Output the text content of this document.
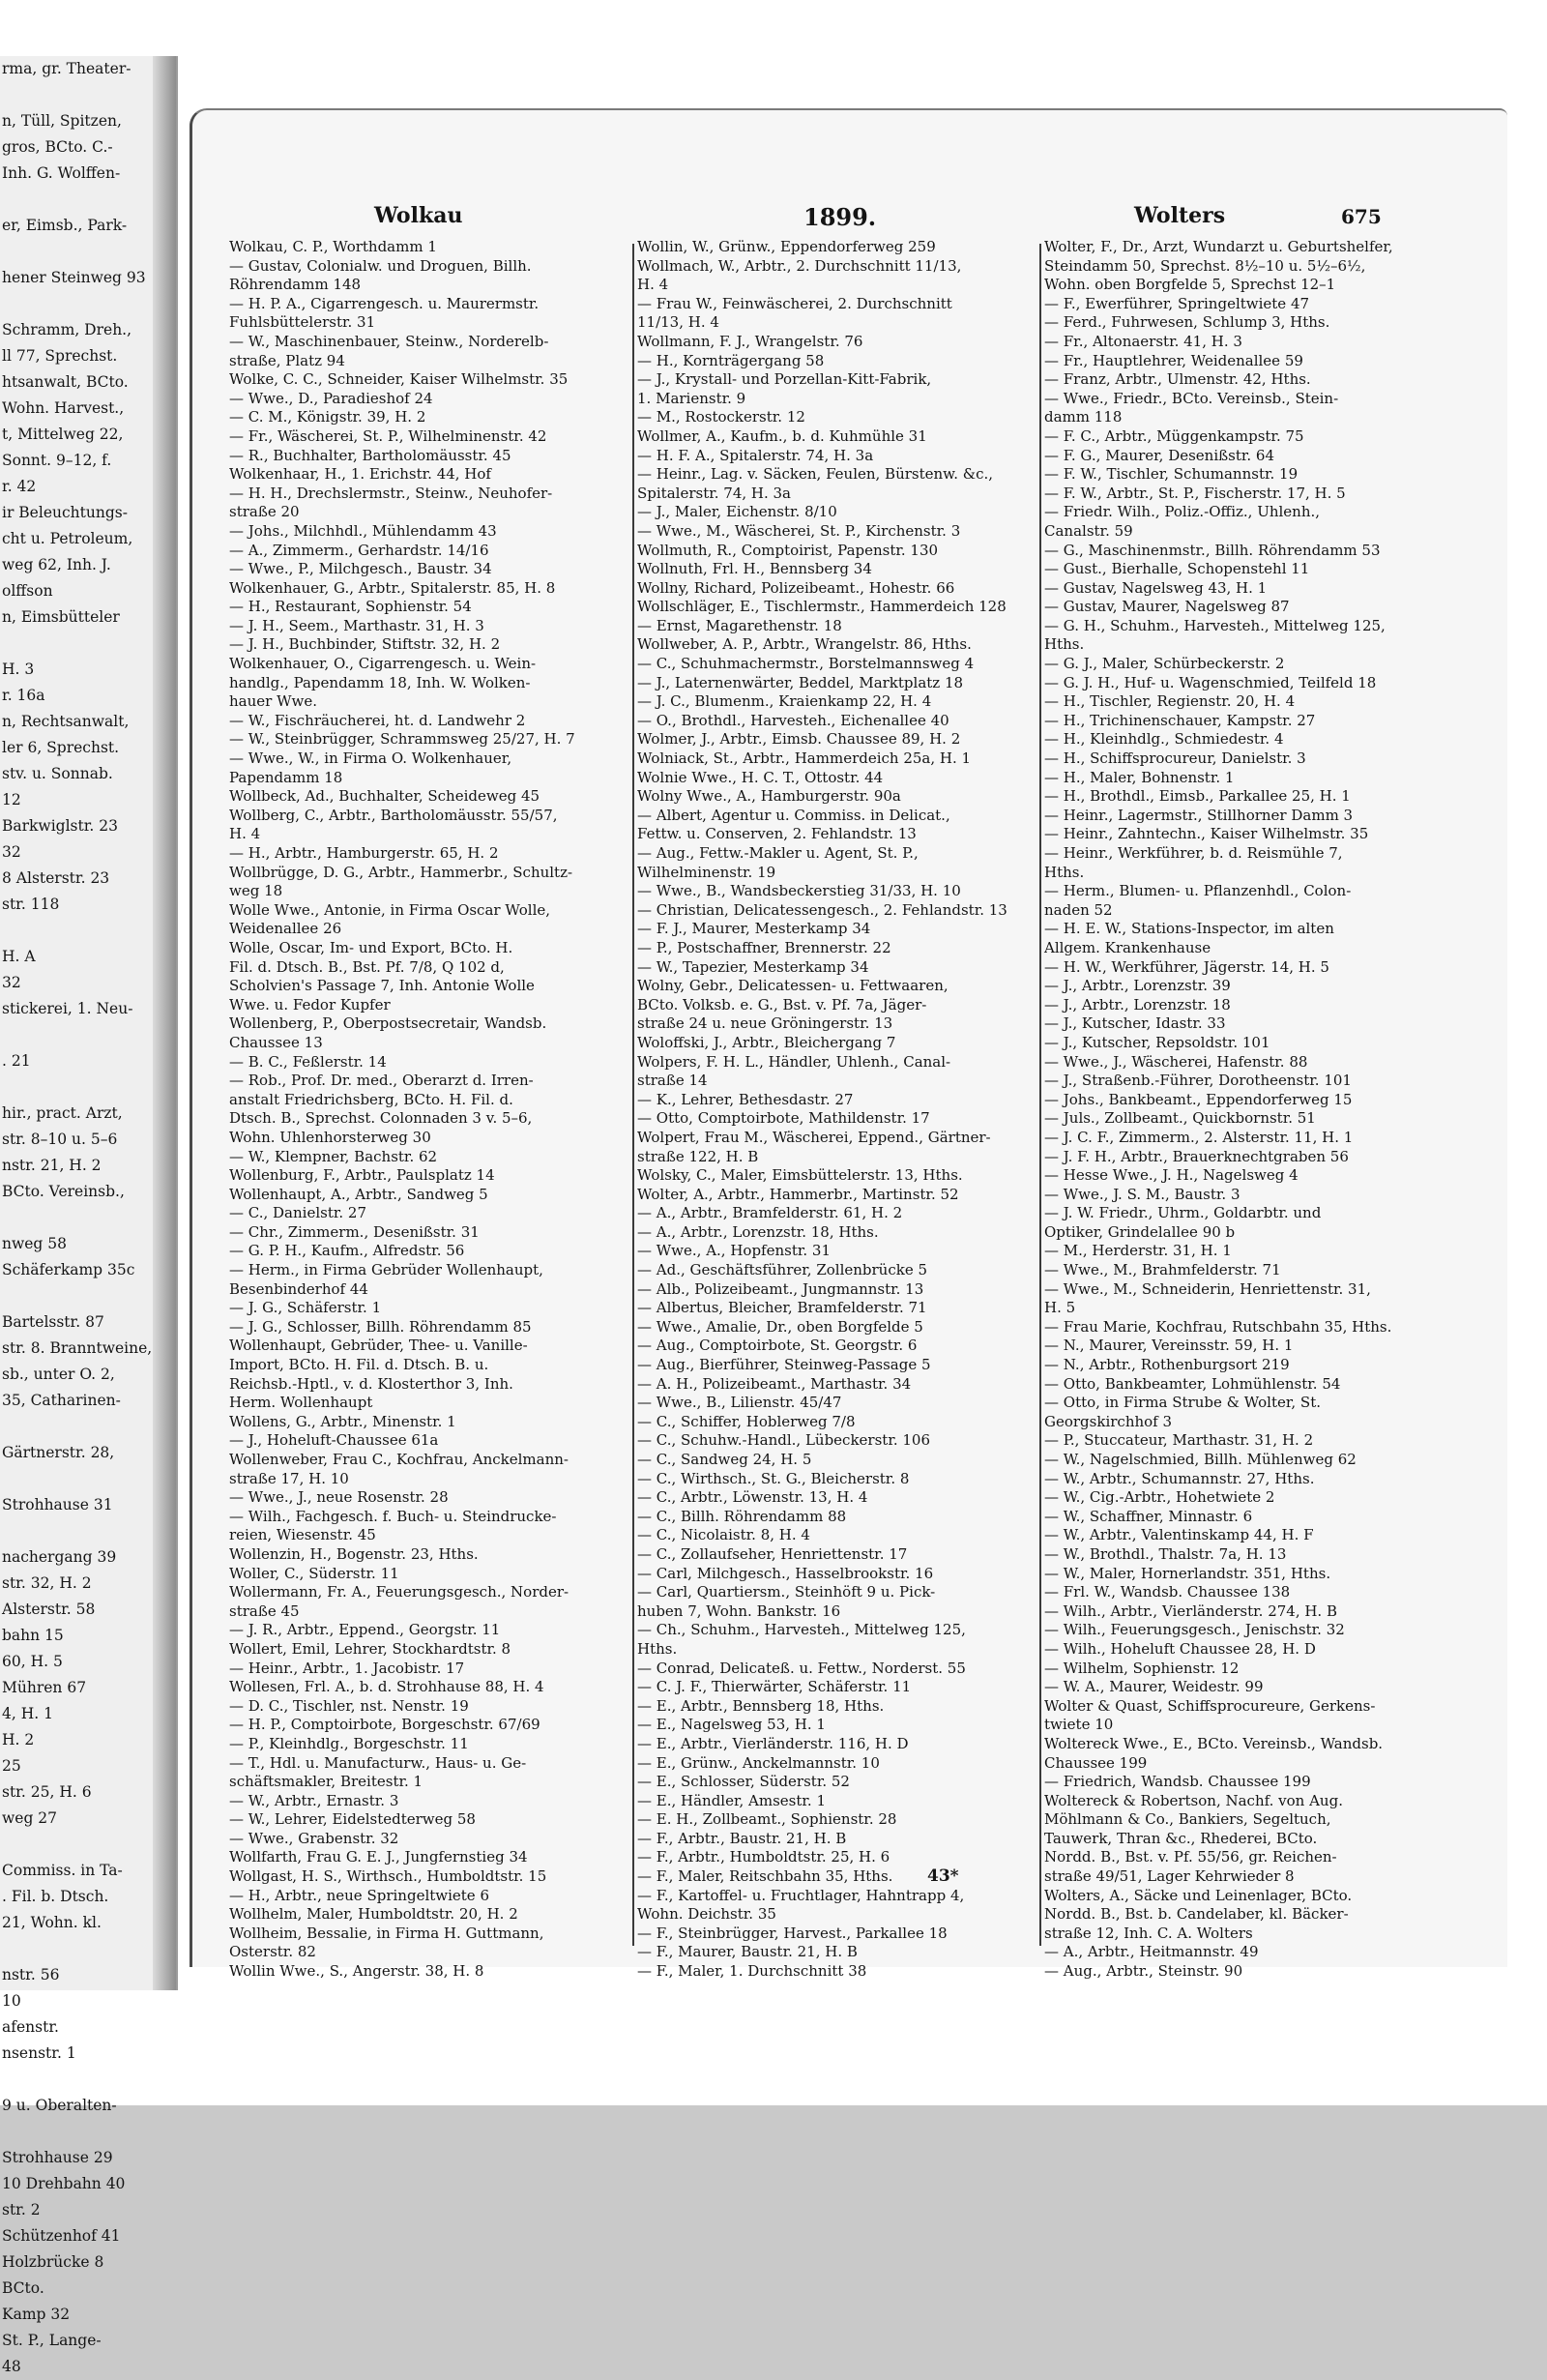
rma, gr. Theater-

n, Tüll, Spitzen,
gros, BCto. C.-
Inh. G. Wolffen-

er, Eimsb., Park-

hener Steinweg 93

Schramm, Dreh.,
ll 77, Sprechst.
htsanwalt, BCto.
Wohn. Harvest.,
t, Mittelweg 22,
Sonnt. 9–12, f.
r. 42
ir Beleuchtungs-
cht u. Petroleum,
weg 62, Inh. J.
olffson
n, Eimsbütteler

H. 3
r. 16a
n, Rechtsanwalt,
ler 6, Sprechst.
stv. u. Sonnab.
12
Barkwiglstr. 23
32
8 Alsterstr. 23
str. 118

H. A
32
stickerei, 1. Neu-

. 21

hir., pract. Arzt,
str. 8–10 u. 5–6
nstr. 21, H. 2
BCto. Vereinsb.,

nweg 58
Schäferkamp 35c

Bartelsstr. 87
str. 8. Branntweine,
sb., unter O. 2,
35, Catharinen-

Gärtnerstr. 28,

Strohhause 31

nachergang 39
str. 32, H. 2
Alsterstr. 58
bahn 15
60, H. 5
Mühren 67
4, H. 1
H. 2
25
str. 25, H. 6
weg 27

Commiss. in Ta-
. Fil. b. Dtsch.
21, Wohn. kl.

nstr. 56
10
afenstr.
nsenstr. 1

9 u. Oberalten-

Strohhause 29
10 Drehbahn 40
str. 2
Schützenhof 41
Holzbrücke 8
BCto.
Kamp 32
St. P., Lange-
48
Wolkau	1899.	Wolters	675
Wolkau, C. P., Worthdamm 1
— Gustav, Colonialw. und Droguen, Billh.
Röhrendamm 148
— H. P. A., Cigarrengesch. u. Maurermstr.
Fuhlsbüttelerstr. 31
— W., Maschinenbauer, Steinw., Norderelb-
straße, Platz 94
Wolke, C. C., Schneider, Kaiser Wilhelmstr. 35
— Wwe., D., Paradieshof 24
— C. M., Königstr. 39, H. 2
— Fr., Wäscherei, St. P., Wilhelminenstr. 42
— R., Buchhalter, Bartholomäusstr. 45
Wolkenhaar, H., 1. Erichstr. 44, Hof
— H. H., Drechslermstr., Steinw., Neuhofer-
straße 20
— Johs., Milchhdl., Mühlendamm 43
— A., Zimmerm., Gerhardstr. 14/16
— Wwe., P., Milchgesch., Baustr. 34
Wolkenhauer, G., Arbtr., Spitalerstr. 85, H. 8
— H., Restaurant, Sophienstr. 54
— J. H., Seem., Marthastr. 31, H. 3
— J. H., Buchbinder, Stiftstr. 32, H. 2
Wolkenhauer, O., Cigarrengesch. u. Wein-
handlg., Papendamm 18, Inh. W. Wolken-
hauer Wwe.
— W., Fischräucherei, ht. d. Landwehr 2
— W., Steinbrügger, Schrammsweg 25/27, H. 7
— Wwe., W., in Firma O. Wolkenhauer,
Papendamm 18
Wollbeck, Ad., Buchhalter, Scheideweg 45
Wollberg, C., Arbtr., Bartholomäusstr. 55/57,
H. 4
— H., Arbtr., Hamburgerstr. 65, H. 2
Wollbrügge, D. G., Arbtr., Hammerbr., Schultz-
weg 18
Wolle Wwe., Antonie, in Firma Oscar Wolle,
Weidenallee 26
Wolle, Oscar, Im- und Export, BCto. H.
Fil. d. Dtsch. B., Bst. Pf. 7/8, Q 102 d,
Scholvien's Passage 7, Inh. Antonie Wolle
Wwe. u. Fedor Kupfer
Wollenberg, P., Oberpostsecretair, Wandsb.
Chaussee 13
— B. C., Feßlerstr. 14
— Rob., Prof. Dr. med., Oberarzt d. Irren-
anstalt Friedrichsberg, BCto. H. Fil. d.
Dtsch. B., Sprechst. Colonnaden 3 v. 5–6,
Wohn. Uhlenhorsterweg 30
— W., Klempner, Bachstr. 62
Wollenburg, F., Arbtr., Paulsplatz 14
Wollenhaupt, A., Arbtr., Sandweg 5
— C., Danielstr. 27
— Chr., Zimmerm., Desenißstr. 31
— G. P. H., Kaufm., Alfredstr. 56
— Herm., in Firma Gebrüder Wollenhaupt,
Besenbinderhof 44
— J. G., Schäferstr. 1
— J. G., Schlosser, Billh. Röhrendamm 85
Wollenhaupt, Gebrüder, Thee- u. Vanille-
Import, BCto. H. Fil. d. Dtsch. B. u.
Reichsb.-Hptl., v. d. Klosterthor 3, Inh.
Herm. Wollenhaupt
Wollens, G., Arbtr., Minenstr. 1
— J., Hoheluft-Chaussee 61a
Wollenweber, Frau C., Kochfrau, Anckelmann-
straße 17, H. 10
— Wwe., J., neue Rosenstr. 28
— Wilh., Fachgesch. f. Buch- u. Steindrucke-
reien, Wiesenstr. 45
Wollenzin, H., Bogenstr. 23, Hths.
Woller, C., Süderstr. 11
Wollermann, Fr. A., Feuerungsgesch., Norder-
straße 45
— J. R., Arbtr., Eppend., Georgstr. 11
Wollert, Emil, Lehrer, Stockhardtstr. 8
— Heinr., Arbtr., 1. Jacobistr. 17
Wollesen, Frl. A., b. d. Strohhause 88, H. 4
— D. C., Tischler, nst. Nenstr. 19
— H. P., Comptoirbote, Borgeschstr. 67/69
— P., Kleinhdlg., Borgeschstr. 11
— T., Hdl. u. Manufacturw., Haus- u. Ge-
schäftsmakler, Breitestr. 1
— W., Arbtr., Ernastr. 3
— W., Lehrer, Eidelstedterweg 58
— Wwe., Grabenstr. 32
Wollfarth, Frau G. E. J., Jungfernstieg 34
Wollgast, H. S., Wirthsch., Humboldtstr. 15
— H., Arbtr., neue Springeltwiete 6
Wollhelm, Maler, Humboldtstr. 20, H. 2
Wollheim, Bessalie, in Firma H. Guttmann,
Osterstr. 82
Wollin Wwe., S., Angerstr. 38, H. 8
Wollin, W., Grünw., Eppendorferweg 259
Wollmach, W., Arbtr., 2. Durchschnitt 11/13,
H. 4
— Frau W., Feinwäscherei, 2. Durchschnitt
11/13, H. 4
Wollmann, F. J., Wrangelstr. 76
— H., Kornträgergang 58
— J., Krystall- und Porzellan-Kitt-Fabrik,
1. Marienstr. 9
— M., Rostockerstr. 12
Wollmer, A., Kaufm., b. d. Kuhmühle 31
— H. F. A., Spitalerstr. 74, H. 3a
— Heinr., Lag. v. Säcken, Feulen, Bürstenw. &c.,
Spitalerstr. 74, H. 3a
— J., Maler, Eichenstr. 8/10
— Wwe., M., Wäscherei, St. P., Kirchenstr. 3
Wollmuth, R., Comptoirist, Papenstr. 130
Wollnuth, Frl. H., Bennsberg 34
Wollny, Richard, Polizeibeamt., Hohestr. 66
Wollschläger, E., Tischlermstr., Hammerdeich 128
— Ernst, Magarethenstr. 18
Wollweber, A. P., Arbtr., Wrangelstr. 86, Hths.
— C., Schuhmachermstr., Borstelmannsweg 4
— J., Laternenwärter, Beddel, Marktplatz 18
— J. C., Blumenm., Kraienkamp 22, H. 4
— O., Brothdl., Harvestеh., Eichenallee 40
Wolmer, J., Arbtr., Eimsb. Chaussee 89, H. 2
Wolniack, St., Arbtr., Hammerdeich 25a, H. 1
Wolnie Wwe., H. C. T., Ottostr. 44
Wolny Wwe., A., Hamburgerstr. 90a
— Albert, Agentur u. Commiss. in Delicat.,
Fettw. u. Conserven, 2. Fehlandstr. 13
— Aug., Fettw.-Makler u. Agent, St. P.,
Wilhelminenstr. 19
— Wwe., B., Wandsbeckerstieg 31/33, H. 10
— Christian, Delicatessengesch., 2. Fehlandstr. 13
— F. J., Maurer, Mesterkamp 34
— P., Postschaffner, Brennerstr. 22
— W., Tapezier, Mesterkamp 34
Wolny, Gebr., Delicatessen- u. Fettwaaren,
BCto. Volksb. e. G., Bst. v. Pf. 7a, Jäger-
straße 24 u. neue Gröningerstr. 13
Woloffski, J., Arbtr., Bleichergang 7
Wolpers, F. H. L., Händler, Uhlenh., Canal-
straße 14
— K., Lehrer, Bethesdastr. 27
— Otto, Comptoirbote, Mathildenstr. 17
Wolpert, Frau M., Wäscherei, Eppend., Gärtner-
straße 122, H. B
Wolsky, C., Maler, Eimsbüttelerstr. 13, Hths.
Wolter, A., Arbtr., Hammerbr., Martinstr. 52
— A., Arbtr., Bramfelderstr. 61, H. 2
— A., Arbtr., Lorenzstr. 18, Hths.
— Wwe., A., Hopfenstr. 31
— Ad., Geschäftsführer, Zollenbrücke 5
— Alb., Polizeibeamt., Jungmannstr. 13
— Albertus, Bleicher, Bramfelderstr. 71
— Wwe., Amalie, Dr., oben Borgfelde 5
— Aug., Comptoirbote, St. Georgstr. 6
— Aug., Bierführer, Steinweg-Passage 5
— A. H., Polizeibeamt., Marthastr. 34
— Wwe., B., Lilienstr. 45/47
— C., Schiffer, Hoblerweg 7/8
— C., Schuhw.-Handl., Lübeckerstr. 106
— C., Sandweg 24, H. 5
— C., Wirthsch., St. G., Bleicherstr. 8
— C., Arbtr., Löwenstr. 13, H. 4
— C., Billh. Röhrendamm 88
— C., Nicolaistr. 8, H. 4
— C., Zollaufseher, Henriettenstr. 17
— Carl, Milchgesch., Hasselbrookstr. 16
— Carl, Quartiersm., Steinhöft 9 u. Pick-
huben 7, Wohn. Bankstr. 16
— Ch., Schuhm., Harvestеh., Mittelweg 125,
Hths.
— Conrad, Delicateß. u. Fettw., Norderst. 55
— C. J. F., Thierwärter, Schäferstr. 11
— E., Arbtr., Bennsberg 18, Hths.
— E., Nagelsweg 53, H. 1
— E., Arbtr., Vierländerstr. 116, H. D
— E., Grünw., Anckelmannstr. 10
— E., Schlosser, Süderstr. 52
— E., Händler, Amsestr. 1
— E. H., Zollbeamt., Sophienstr. 28
— F., Arbtr., Baustr. 21, H. B
— F., Arbtr., Humboldtstr. 25, H. 6
— F., Maler, Reitschbahn 35, Hths.
— F., Kartoffel- u. Fruchtlager, Hahntrapp 4,
Wohn. Deichstr. 35
— F., Steinbrügger, Harvest., Parkallee 18
— F., Maurer, Baustr. 21, H. B
— F., Maler, 1. Durchschnitt 38
Wolter, F., Dr., Arzt, Wundarzt u. Geburtshelfer,
Steindamm 50, Sprechst. 8½–10 u. 5½–6½,
Wohn. oben Borgfelde 5, Sprechst 12–1
— F., Ewerführer, Springeltwiete 47
— Ferd., Fuhrwesen, Schlump 3, Hths.
— Fr., Altonaerstr. 41, H. 3
— Fr., Hauptlehrer, Weidenallee 59
— Franz, Arbtr., Ulmenstr. 42, Hths.
— Wwe., Friedr., BCto. Vereinsb., Stein-
damm 118
— F. C., Arbtr., Müggenkampstr. 75
— F. G., Maurer, Desenißstr. 64
— F. W., Tischler, Schumannstr. 19
— F. W., Arbtr., St. P., Fischerstr. 17, H. 5
— Friedr. Wilh., Poliz.-Offiz., Uhlenh.,
Canalstr. 59
— G., Maschinenmstr., Billh. Röhrendamm 53
— Gust., Bierhalle, Schopenstehl 11
— Gustav, Nagelsweg 43, H. 1
— Gustav, Maurer, Nagelsweg 87
— G. H., Schuhm., Harvesteh., Mittelweg 125,
Hths.
— G. J., Maler, Schürbeckerstr. 2
— G. J. H., Huf- u. Wagenschmied, Teilfeld 18
— H., Tischler, Regienstr. 20, H. 4
— H., Trichinenschauer, Kampstr. 27
— H., Kleinhdlg., Schmiedestr. 4
— H., Schiffsprocureur, Danielstr. 3
— H., Maler, Bohnenstr. 1
— H., Brothdl., Eimsb., Parkallee 25, H. 1
— Heinr., Lagermstr., Stillhorner Damm 3
— Heinr., Zahntechn., Kaiser Wilhelmstr. 35
— Heinr., Werkführer, b. d. Reismühle 7,
Hths.
— Herm., Blumen- u. Pflanzenhdl., Colon-
naden 52
— H. E. W., Stations-Inspector, im alten
Allgem. Krankenhause
— H. W., Werkführer, Jägerstr. 14, H. 5
— J., Arbtr., Lorenzstr. 39
— J., Arbtr., Lorenzstr. 18
— J., Kutscher, Idastr. 33
— J., Kutscher, Repsoldstr. 101
— Wwe., J., Wäscherei, Hafenstr. 88
— J., Straßenb.-Führer, Dorotheenstr. 101
— Johs., Bankbeamt., Eppendorferweg 15
— Juls., Zollbeamt., Quickbornstr. 51
— J. C. F., Zimmerm., 2. Alsterstr. 11, H. 1
— J. F. H., Arbtr., Brauerknechtgraben 56
— Hesse Wwe., J. H., Nagelsweg 4
— Wwe., J. S. M., Baustr. 3
— J. W. Friedr., Uhrm., Goldarbtr. und
Optiker, Grindelallee 90 b
— M., Herderstr. 31, H. 1
— Wwe., M., Brahmfelderstr. 71
— Wwe., M., Schneiderin, Henriettenstr. 31,
H. 5
— Frau Marie, Kochfrau, Rutschbahn 35, Hths.
— N., Maurer, Vereinsstr. 59, H. 1
— N., Arbtr., Rothenburgsort 219
— Otto, Bankbeamter, Lohmühlenstr. 54
— Otto, in Firma Strube & Wolter, St.
Georgskirchhof 3
— P., Stuccateur, Marthastr. 31, H. 2
— W., Nagelschmied, Billh. Mühlenweg 62
— W., Arbtr., Schumannstr. 27, Hths.
— W., Cig.-Arbtr., Hohetwiete 2
— W., Schaffner, Minnastr. 6
— W., Arbtr., Valentinskamp 44, H. F
— W., Brothdl., Thalstr. 7a, H. 13
— W., Maler, Hornerlandstr. 351, Hths.
— Frl. W., Wandsb. Chaussee 138
— Wilh., Arbtr., Vierländerstr. 274, H. B
— Wilh., Feuerungsgesch., Jenischstr. 32
— Wilh., Hoheluft Chaussee 28, H. D
— Wilhelm, Sophienstr. 12
— W. A., Maurer, Weidestr. 99
Wolter & Quast, Schiffsprocureure, Gerkens-
twiete 10
Woltereck Wwe., E., BCto. Vereinsb., Wandsb.
Chaussee 199
— Friedrich, Wandsb. Chaussee 199
Woltereck & Robertson, Nachf. von Aug.
Möhlmann & Co., Bankiers, Segeltuch,
Tauwerk, Thran &c., Rhederei, BCto.
Nordd. B., Bst. v. Pf. 55/56, gr. Reichen-
straße 49/51, Lager Kehrwieder 8
Wolters, A., Säcke und Leinenlager, BCto.
Nordd. B., Bst. b. Candelaber, kl. Bäcker-
straße 12, Inh. C. A. Wolters
— A., Arbtr., Heitmannstr. 49
— Aug., Arbtr., Steinstr. 90
43*
